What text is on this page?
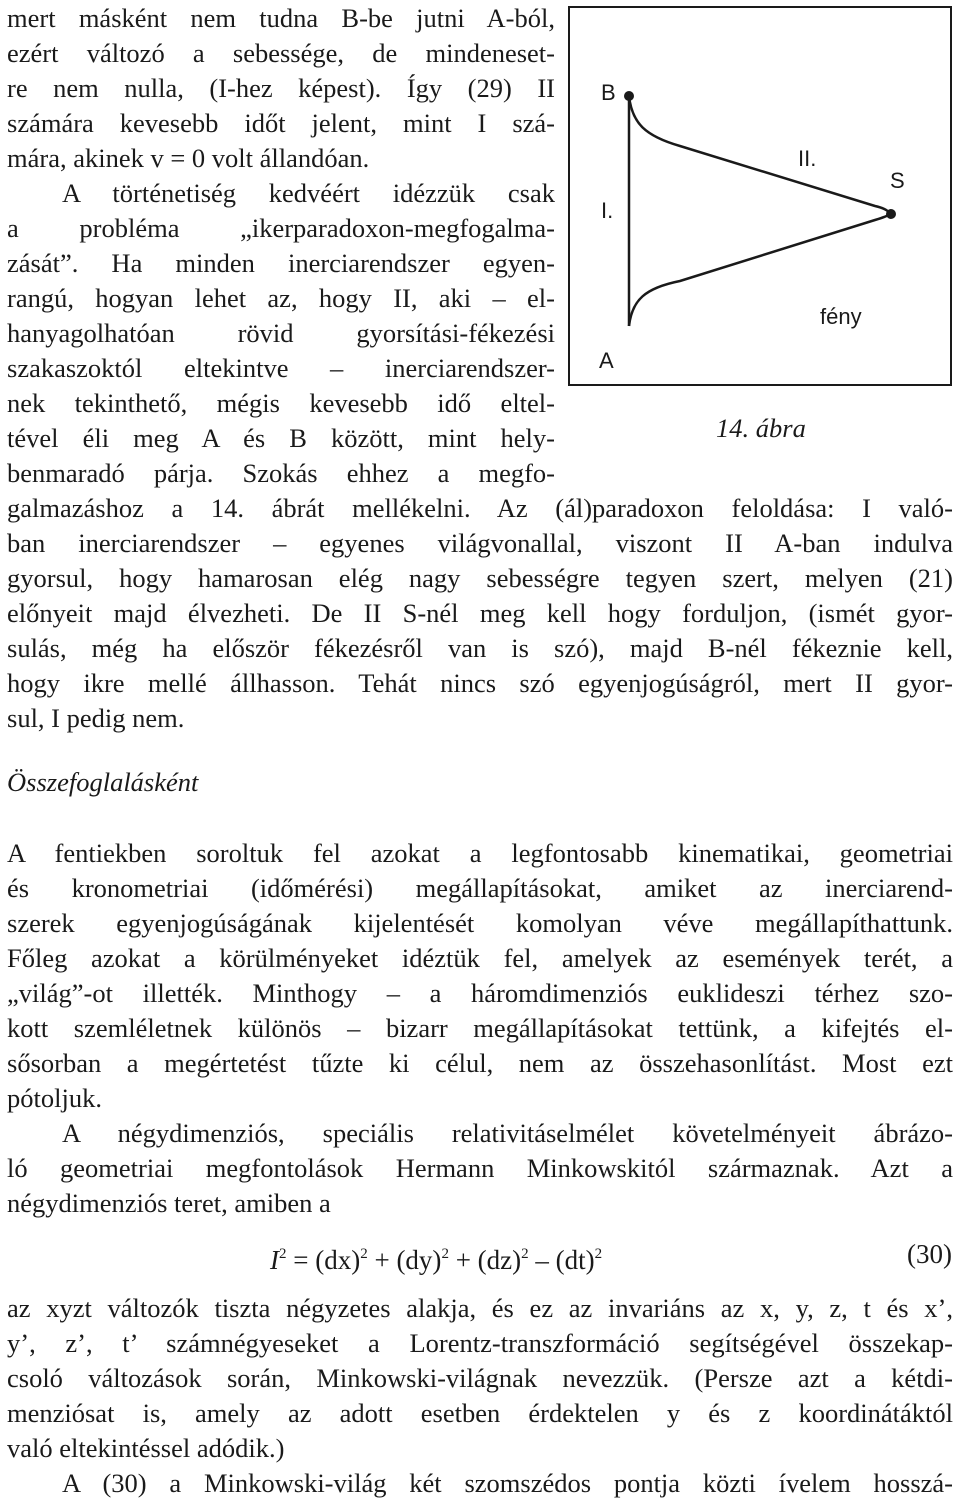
mert másként nem tudna B-be jutni A-ból,
ezért változó a sebessége, de mindeneset-
re nem nulla, (I-hez képest). Így (29) II
számára kevesebb időt jelent, mint I szá-
mára, akinek v = 0 volt állandóan.
A történetiség kedvéért idézzük csak
a probléma „ikerparadoxon-megfogalma-
zását”. Ha minden inerciarendszer egyen-
rangú, hogyan lehet az, hogy II, aki – el-
hanyagolhatóan rövid gyorsítási-fékezési
szakaszoktól eltekintve – inerciarendszer-
nek tekinthető, mégis kevesebb idő eltel-
tével éli meg A és B között, mint hely-
benmaradó párja. Szokás ehhez a megfo-
B
I.
II.
S
fény
A
14. ábra
galmazáshoz a 14. ábrát mellékelni. Az (ál)paradoxon feloldása: I való-
ban inerciarendszer – egyenes világvonallal, viszont II A-ban indulva
gyorsul, hogy hamarosan elég nagy sebességre tegyen szert, melyen (21)
előnyeit majd élvezheti. De II S-nél meg kell hogy forduljon, (ismét gyor-
sulás, még ha először fékezésről van is szó), majd B-nél fékeznie kell,
hogy ikre mellé állhasson. Tehát nincs szó egyenjogúságról, mert II gyor-
sul, I pedig nem.
Összefoglalásként
A fentiekben soroltuk fel azokat a legfontosabb kinematikai, geometriai
és kronometriai (időmérési) megállapításokat, amiket az inerciarend-
szerek egyenjogúságának kijelentését komolyan véve megállapíthattunk.
Főleg azokat a körülményeket idéztük fel, amelyek az események terét, a
„világ”-ot illették. Minthogy – a háromdimenziós euklideszi térhez szo-
kott szemléletnek különös – bizarr megállapításokat tettünk, a kifejtés el-
sősorban a megértetést tűzte ki célul, nem az összehasonlítást. Most ezt
pótoljuk.
A négydimenziós, speciális relativitáselmélet követelményeit ábrázo-
ló geometriai megfontolások Hermann Minkowskitól származnak. Azt a
négydimenziós teret, amiben a
$I^2 = (dx)^2 + (dy)^2 + (dz)^2 - (dt)^2$	(30)
az xyzt változók tiszta négyzetes alakja, és ez az invariáns az x, y, z, t és x’,
y’, z’, t’ számnégyeseket a Lorentz-transzformáció segítségével összekap-
csoló változások során, Minkowski-világnak nevezzük. (Persze azt a kétdi-
menziósat is, amely az adott esetben érdektelen y és z koordinátáktól
való eltekintéssel adódik.)
A (30) a Minkowski-világ két szomszédos pontja közti ívelem hosszá-
